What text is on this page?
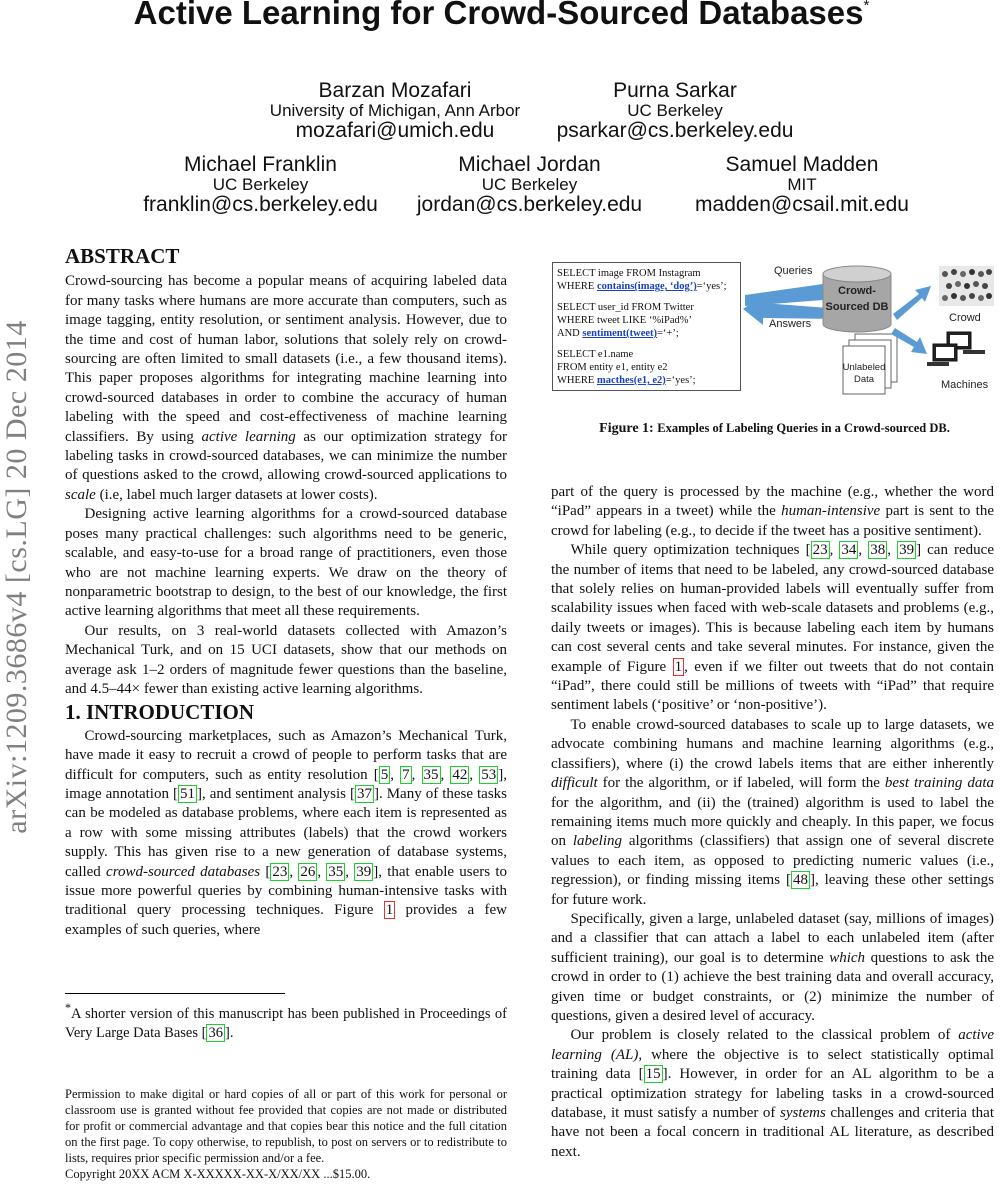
Active Learning for Crowd-Sourced Databases*
Barzan Mozafari
University of Michigan, Ann Arbor
mozafari@umich.edu
Purna Sarkar
UC Berkeley
psarkar@cs.berkeley.edu
Michael Franklin
UC Berkeley
franklin@cs.berkeley.edu
Michael Jordan
UC Berkeley
jordan@cs.berkeley.edu
Samuel Madden
MIT
madden@csail.mit.edu
arXiv:1209.3686v4 [cs.LG] 20 Dec 2014
ABSTRACT

Crowd-sourcing has become a popular means of acquiring labeled data for many tasks where humans are more accurate than computers, such as image tagging, entity resolution, or sentiment analysis. However, due to the time and cost of human labor, solutions that solely rely on crowd-sourcing are often limited to small datasets (i.e., a few thousand items). This paper proposes algorithms for integrating machine learning into crowd-sourced databases in order to combine the accuracy of human labeling with the speed and cost-effectiveness of machine learning classifiers. By using active learning as our optimization strategy for labeling tasks in crowd-sourced databases, we can minimize the number of questions asked to the crowd, allowing crowd-sourced applications to scale (i.e, label much larger datasets at lower costs).

Designing active learning algorithms for a crowd-sourced database poses many practical challenges: such algorithms need to be generic, scalable, and easy-to-use for a broad range of practitioners, even those who are not machine learning experts. We draw on the theory of nonparametric bootstrap to design, to the best of our knowledge, the first active learning algorithms that meet all these requirements.

Our results, on 3 real-world datasets collected with Amazon’s Mechanical Turk, and on 15 UCI datasets, show that our methods on average ask 1–2 orders of magnitude fewer questions than the baseline, and 4.5–44× fewer than existing active learning algorithms.

1. INTRODUCTION

Crowd-sourcing marketplaces, such as Amazon’s Mechanical Turk, have made it easy to recruit a crowd of people to perform tasks that are difficult for computers, such as entity resolution [ 5 , 7 , 35 , 42 , 53 ], image annotation [ 51 ], and sentiment analysis [ 37 ]. Many of these tasks can be modeled as database problems, where each item is represented as a row with some missing attributes (labels) that the crowd workers supply. This has given rise to a new generation of database systems, called crowd-sourced databases [ 23 , 26 , 35 , 39 ], that enable users to issue more powerful queries by combining human-intensive tasks with traditional query processing techniques. Figure 1 provides a few examples of such queries, where

*A shorter version of this manuscript has been published in Proceedings of Very Large Data Bases [ 36 ].

Permission to make digital or hard copies of all or part of this work for personal or classroom use is granted without fee provided that copies are not made or distributed for profit or commercial advantage and that copies bear this notice and the full citation on the first page. To copy otherwise, to republish, to post on servers or to redistribute to lists, requires prior specific permission and/or a fee.

Copyright 20XX ACM X-XXXXX-XX-X/XX/XX ...$15.00.

SELECT image FROM Instagram
WHERE contains(image, ‘dog’)=‘yes’;
SELECT user_id FROM Twitter
WHERE tweet LIKE ‘%iPad%’
AND sentiment(tweet)=‘+’;
SELECT e1.name
FROM entity e1, entity e2
WHERE macthes(e1, e2)=‘yes’;
Queries
Answers
Crowd-
Sourced DB
Unlabeled
Data
Crowd
Machines
Figure 1: Examples of Labeling Queries in a Crowd-sourced DB.

part of the query is processed by the machine (e.g., whether the word “iPad” appears in a tweet) while the human-intensive part is sent to the crowd for labeling (e.g., to decide if the tweet has a positive sentiment).

While query optimization techniques [ 23 , 34 , 38 , 39 ] can reduce the number of items that need to be labeled, any crowd-sourced database that solely relies on human-provided labels will eventually suffer from scalability issues when faced with web-scale datasets and problems (e.g., daily tweets or images). This is because labeling each item by humans can cost several cents and take several minutes. For instance, given the example of Figure 1 , even if we filter out tweets that do not contain “iPad”, there could still be millions of tweets with “iPad” that require sentiment labels (‘positive’ or ‘non-positive’).

To enable crowd-sourced databases to scale up to large datasets, we advocate combining humans and machine learning algorithms (e.g., classifiers), where (i) the crowd labels items that are either inherently difficult for the algorithm, or if labeled, will form the best training data for the algorithm, and (ii) the (trained) algorithm is used to label the remaining items much more quickly and cheaply. In this paper, we focus on labeling algorithms (classifiers) that assign one of several discrete values to each item, as opposed to predicting numeric values (i.e., regression), or finding missing items [ 48 ], leaving these other settings for future work.

Specifically, given a large, unlabeled dataset (say, millions of images) and a classifier that can attach a label to each unlabeled item (after sufficient training), our goal is to determine which questions to ask the crowd in order to (1) achieve the best training data and overall accuracy, given time or budget constraints, or (2) minimize the number of questions, given a desired level of accuracy.

Our problem is closely related to the classical problem of active learning (AL), where the objective is to select statistically optimal training data [ 15 ]. However, in order for an AL algorithm to be a practical optimization strategy for labeling tasks in a crowd-sourced database, it must satisfy a number of systems challenges and criteria that have not been a focal concern in traditional AL literature, as described next.
